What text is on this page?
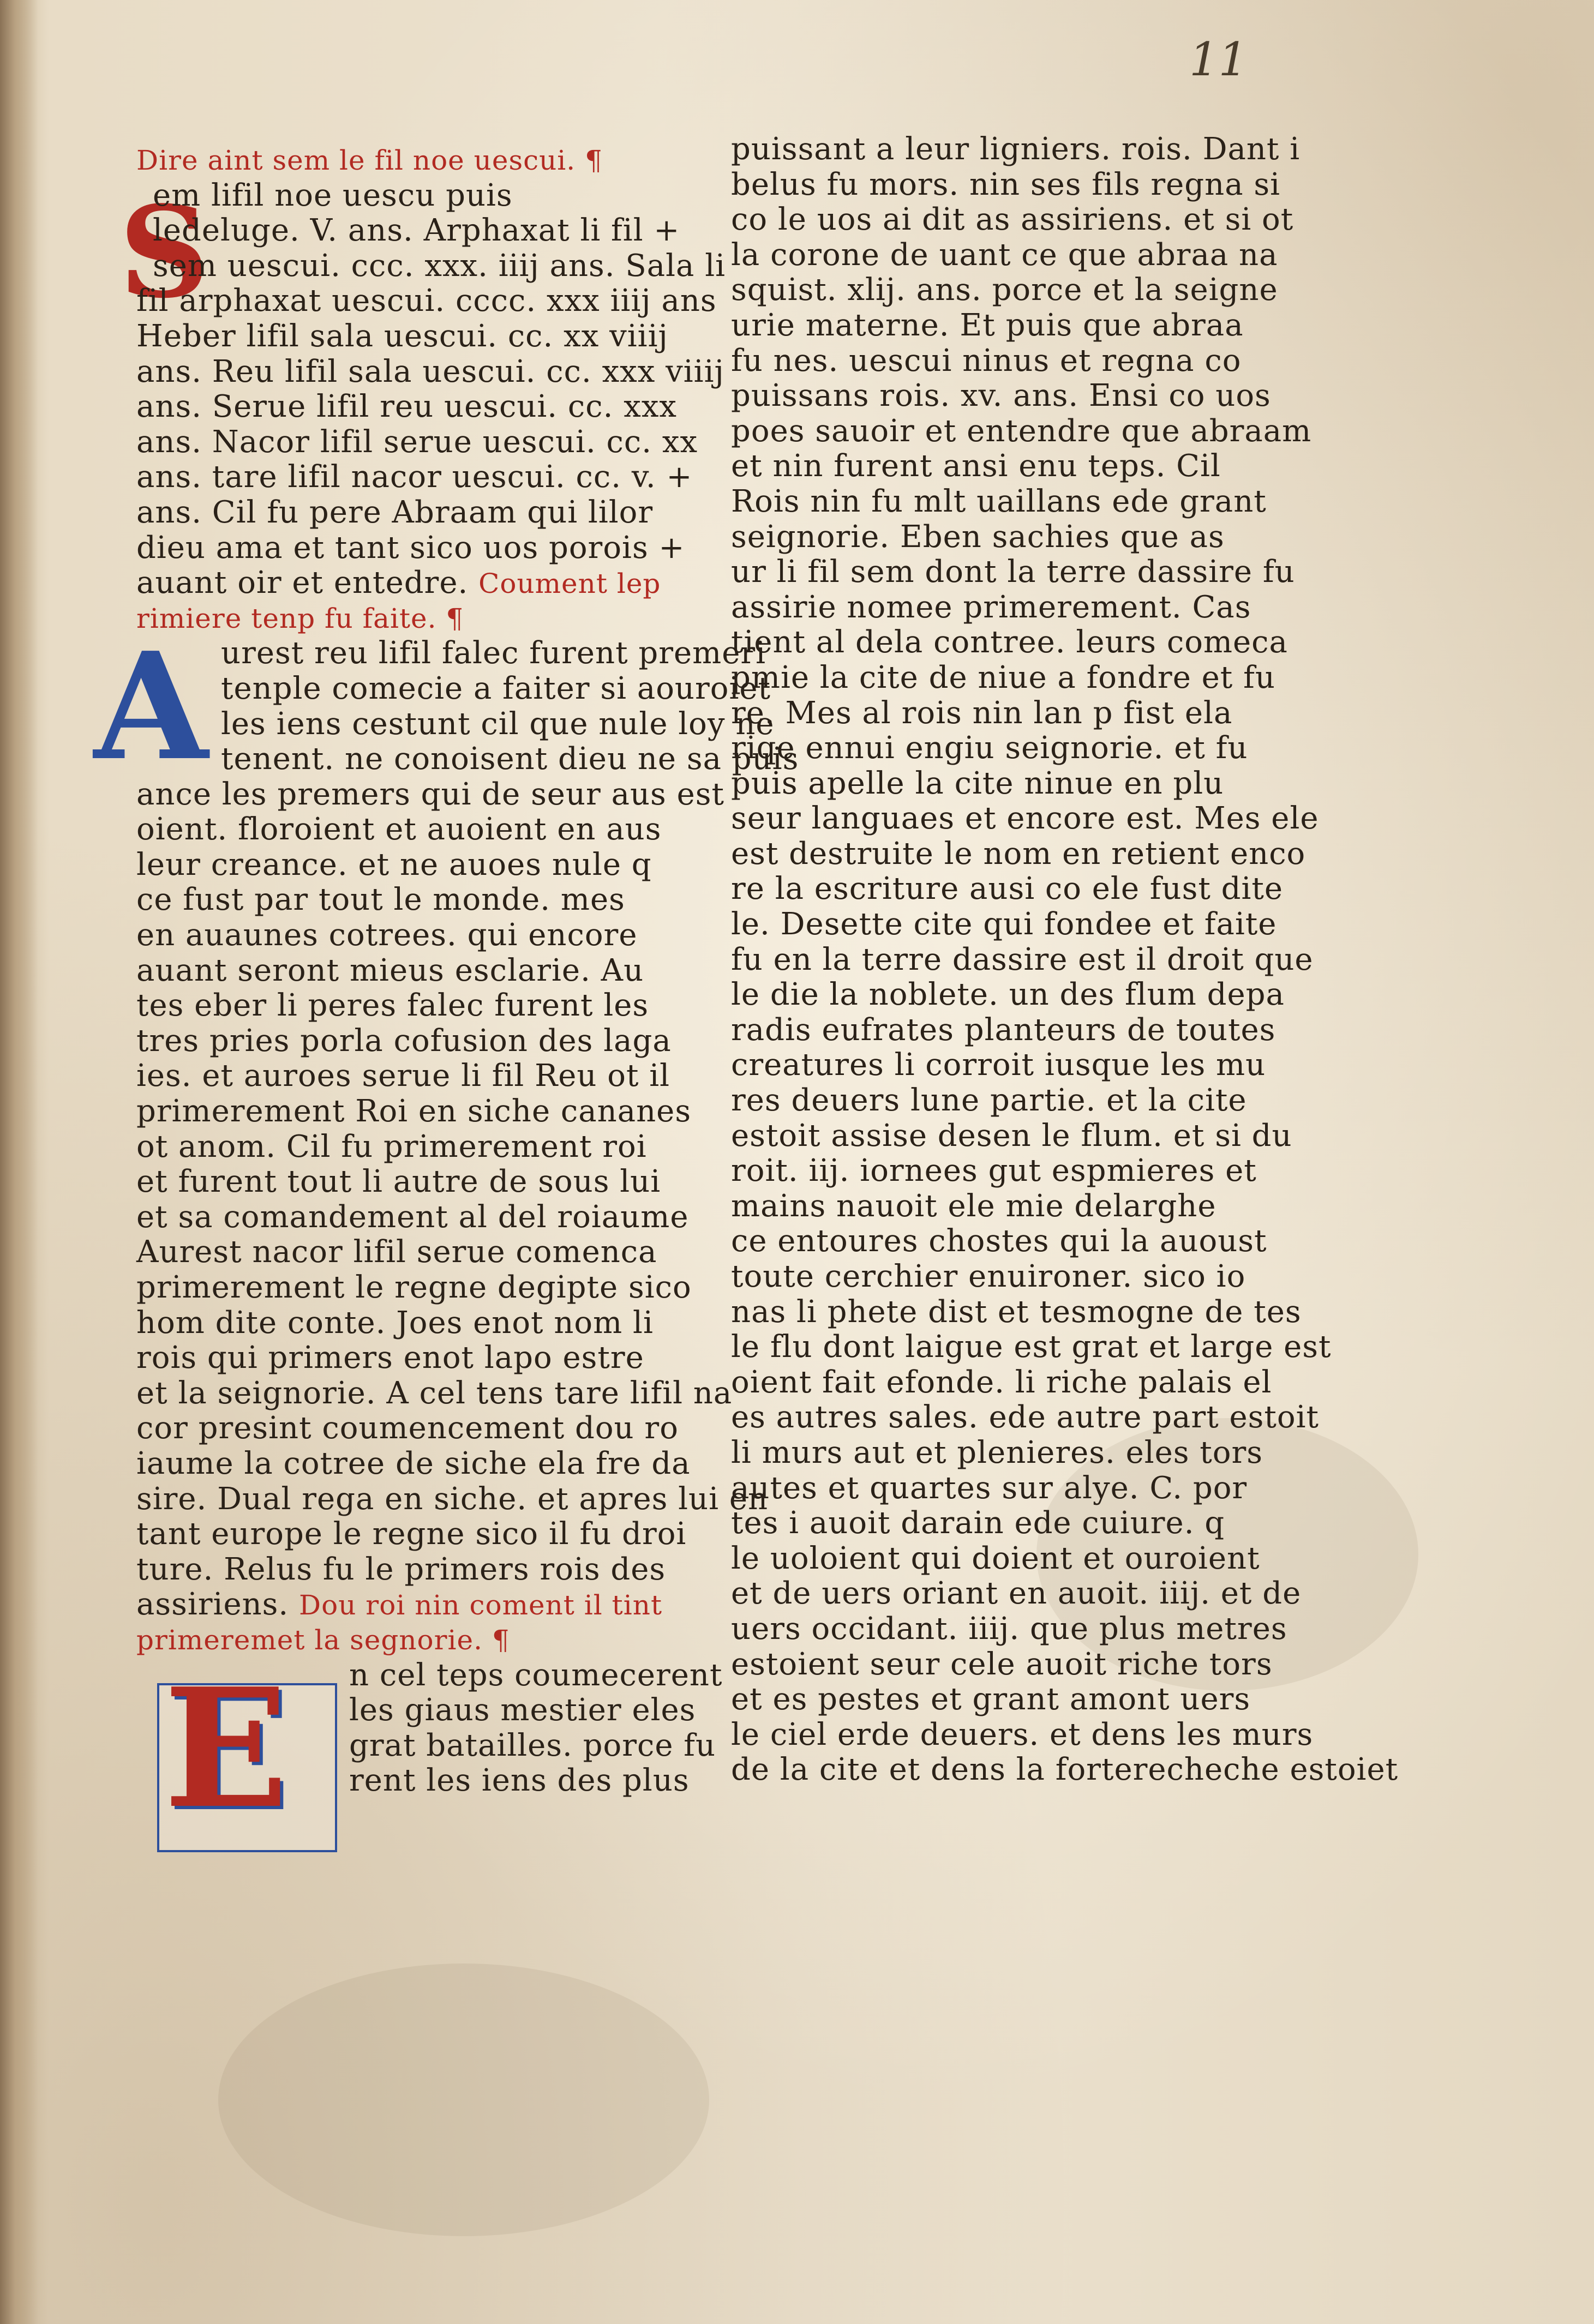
11
S
A
E
Dire aint sem le fil noe uescui. ¶
em lifil noe uescu puis
ledeluge. V. ans. Arphaxat li fil +
sem uescui. ccc. xxx. iiij ans. Sala li
fil arphaxat uescui. cccc. xxx iiij ans
Heber lifil sala uescui. cc. xx viiij
ans. Reu lifil sala uescui. cc. xxx viiij
ans. Serue lifil reu uescui. cc. xxx
ans. Nacor lifil serue uescui. cc. xx
ans. tare lifil nacor uescui. cc. v. +
ans. Cil fu pere Abraam qui lilor
dieu ama et tant sico uos porois +
auant oir et entedre. Coument lep
rimiere tenp fu faite. ¶
urest reu lifil falec furent premeri
tenple comecie a faiter si aouroiet
les iens cestunt cil que nule loy ne
tenent. ne conoisent dieu ne sa puis
ance les premers qui de seur aus est
oient. floroient et auoient en aus
leur creance. et ne auoes nule q
ce fust par tout le monde. mes
en auaunes cotrees. qui encore
auant seront mieus esclarie. Au
tes eber li peres falec furent les
tres pries porla cofusion des laga
ies. et auroes serue li fil Reu ot il
primerement Roi en siche cananes
ot anom. Cil fu primerement roi
et furent tout li autre de sous lui
et sa comandement al del roiaume
Aurest nacor lifil serue comenca
primerement le regne degipte sico
hom dite conte. Joes enot nom li
rois qui primers enot lapo estre
et la seignorie. A cel tens tare lifil na
cor presint coumencement dou ro
iaume la cotree de siche ela fre da
sire. Dual rega en siche. et apres lui en
tant europe le regne sico il fu droi
ture. Relus fu le primers rois des
assiriens. Dou roi nin coment il tint
primeremet la segnorie. ¶
n cel teps coumecerent
les giaus mestier eles
grat batailles. porce fu
rent les iens des plus
puissant a leur ligniers. rois. Dant i
belus fu mors. nin ses fils regna si
co le uos ai dit as assiriens. et si ot
la corone de uant ce que abraa na
squist. xlij. ans. porce et la seigne
urie materne. Et puis que abraa
fu nes. uescui ninus et regna co
puissans rois. xv. ans. Ensi co uos
poes sauoir et entendre que abraam
et nin furent ansi enu teps. Cil
Rois nin fu mlt uaillans ede grant
seignorie. Eben sachies que as
ur li fil sem dont la terre dassire fu
assirie nomee primerement. Cas
tient al dela contree. leurs comeca
pmie la cite de niue a fondre et fu
re. Mes al rois nin lan p fist ela
riqe ennui engiu seignorie. et fu
puis apelle la cite ninue en plu
seur languaes et encore est. Mes ele
est destruite le nom en retient enco
re la escriture ausi co ele fust dite
le. Desette cite qui fondee et faite
fu en la terre dassire est il droit que
le die la noblete. un des flum depa
radis eufrates planteurs de toutes
creatures li corroit iusque les mu
res deuers lune partie. et la cite
estoit assise desen le flum. et si du
roit. iij. iornees gut espmieres et
mains nauoit ele mie delarghe
ce entoures chostes qui la auoust
toute cerchier enuironer. sico io
nas li phete dist et tesmogne de tes
le flu dont laigue est grat et large est
oient fait efonde. li riche palais el
es autres sales. ede autre part estoit
li murs aut et plenieres. eles tors
autes et quartes sur alye. C. por
tes i auoit darain ede cuiure. q
le uoloient qui doient et ouroient
et de uers oriant en auoit. iiij. et de
uers occidant. iiij. que plus metres
estoient seur cele auoit riche tors
et es pestes et grant amont uers
le ciel erde deuers. et dens les murs
de la cite et dens la forterecheche estoiet
